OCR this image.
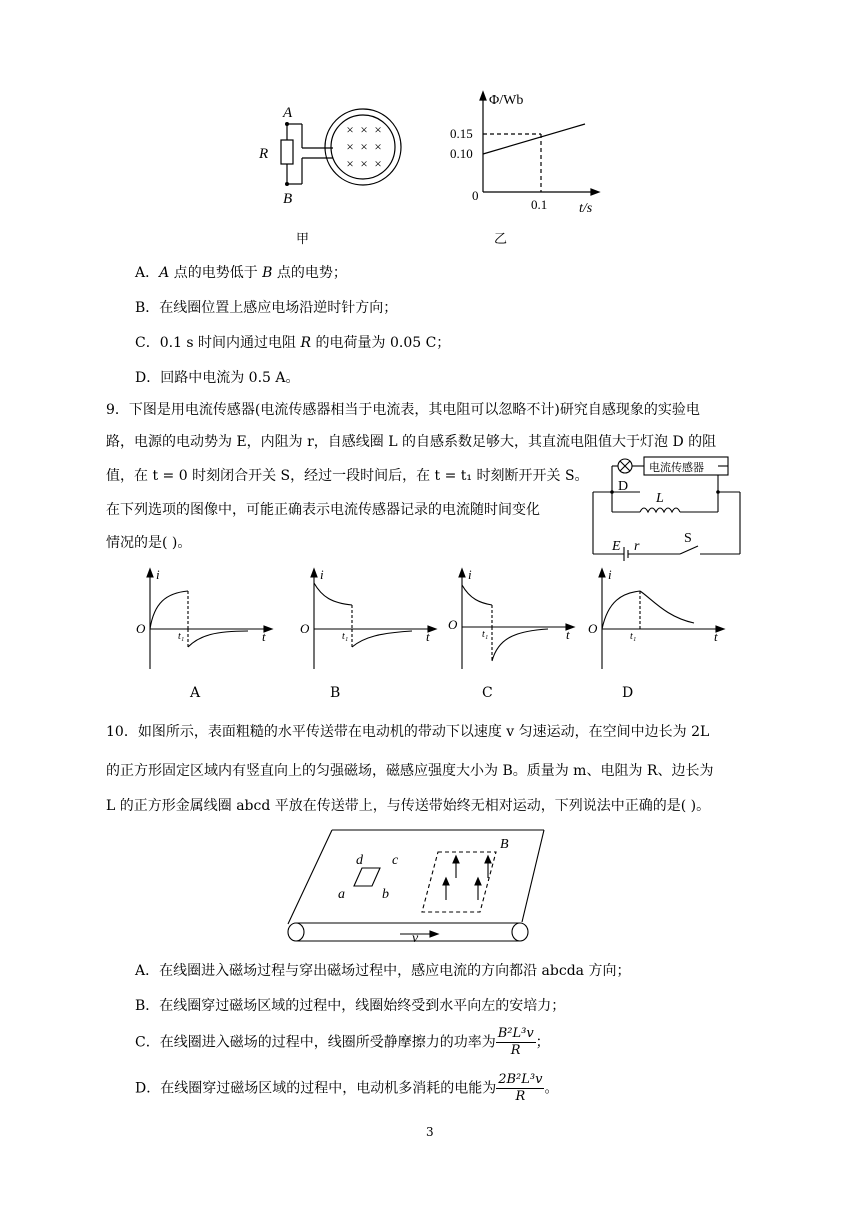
× × ×
× × ×
× × ×
A
R
B
甲
Φ/Wb
0.15
0.10
0
0.1 t/s
乙
A．A 点的电势低于 B 点的电势；
B．在线圈位置上感应电场沿逆时针方向；
C．0.1 s 时间内通过电阻 R 的电荷量为 0.05 C；
D．回路中电流为 0.5 A。
9．下图是用电流传感器(电流传感器相当于电流表，其电阻可以忽略不计)研究自感现象的实验电
路，电源的电动势为 E，内阻为 r，自感线圈 L 的自感系数足够大，其直流电阻值大于灯泡 D 的阻
值，在 t = 0 时刻闭合开关 S，经过一段时间后，在 t = t₁ 时刻断开开关 S。
在下列选项的图像中，可能正确表示电流传感器记录的电流随时间变化
情况的是( )。
电流传感器
D
L
E r
S
i
O
t₁	t
A
i
O
t₁	t
B
i
O
t₁	t
C
i
O
t₁	t
D
10．如图所示，表面粗糙的水平传送带在电动机的带动下以速度 v 匀速运动，在空间中边长为 2L
的正方形固定区域内有竖直向上的匀强磁场，磁感应强度大小为 B。质量为 m、电阻为 R、边长为
L 的正方形金属线圈 abcd 平放在传送带上，与传送带始终无相对运动，下列说法中正确的是( )。
d c
a	b
B
v
A．在线圈进入磁场过程与穿出磁场过程中，感应电流的方向都沿 abcda 方向；
B．在线圈穿过磁场区域的过程中，线圈始终受到水平向左的安培力；
C．在线圈进入磁场的过程中，线圈所受静摩擦力的功率为 $\frac{\text{B²L³v}}{R}$ ；
D．在线圈穿过磁场区域的过程中，电动机多消耗的电能为 $\frac{\text{2B²L³v}}{R}$ 。
3
